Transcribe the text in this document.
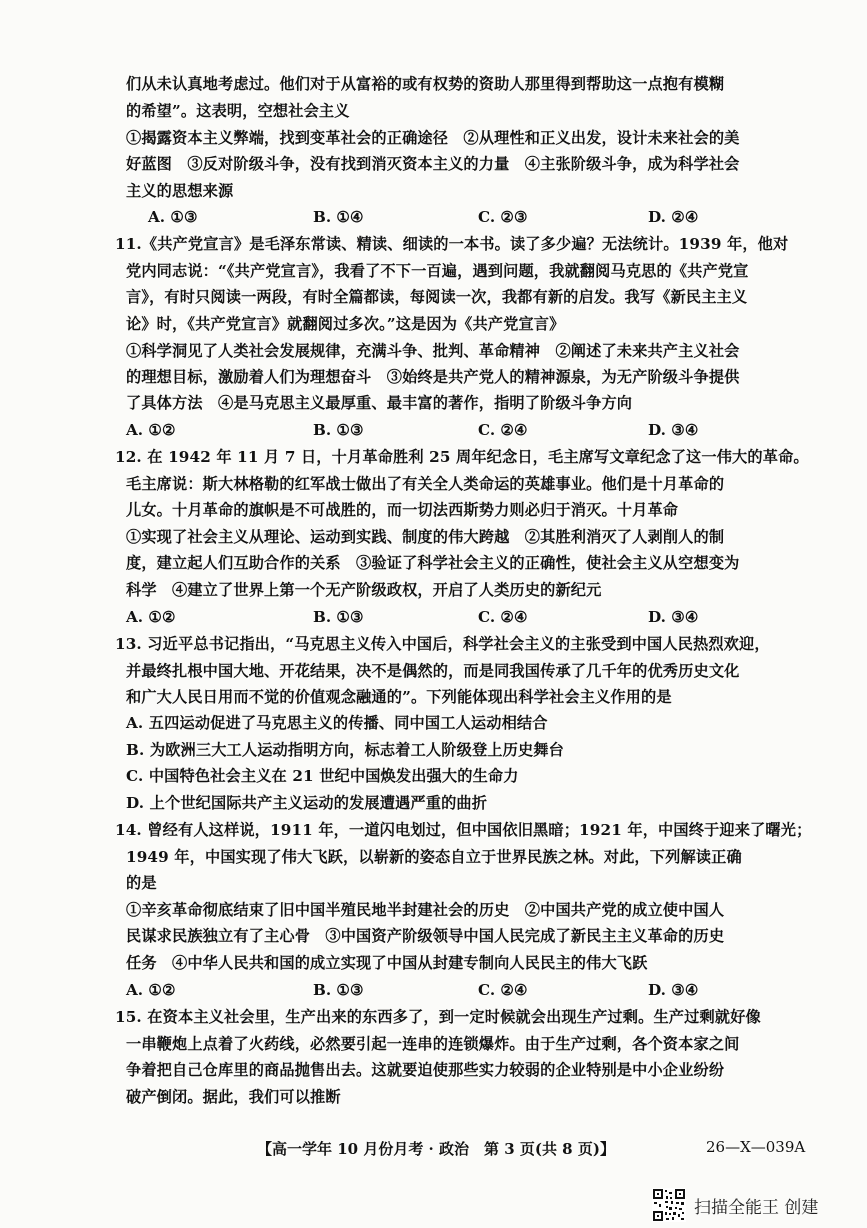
们从未认真地考虑过。他们对于从富裕的或有权势的资助人那里得到帮助这一点抱有模糊
的希望”。这表明，空想社会主义
①揭露资本主义弊端，找到变革社会的正确途径　②从理性和正义出发，设计未来社会的美
好蓝图　③反对阶级斗争，没有找到消灭资本主义的力量　④主张阶级斗争，成为科学社会
主义的思想来源
A. ①③	B. ①④	C. ②③	D. ②④
11.《共产党宣言》是毛泽东常读、精读、细读的一本书。读了多少遍？无法统计。1939 年，他对
党内同志说：“《共产党宣言》，我看了不下一百遍，遇到问题，我就翻阅马克思的《共产党宣
言》，有时只阅读一两段，有时全篇都读，每阅读一次，我都有新的启发。我写《新民主主义
论》时，《共产党宣言》就翻阅过多次。”这是因为《共产党宣言》
①科学洞见了人类社会发展规律，充满斗争、批判、革命精神　②阐述了未来共产主义社会
的理想目标，激励着人们为理想奋斗　③始终是共产党人的精神源泉，为无产阶级斗争提供
了具体方法　④是马克思主义最厚重、最丰富的著作，指明了阶级斗争方向
A. ①②	B. ①③	C. ②④	D. ③④
12. 在 1942 年 11 月 7 日，十月革命胜利 25 周年纪念日，毛主席写文章纪念了这一伟大的革命。
毛主席说：斯大林格勒的红军战士做出了有关全人类命运的英雄事业。他们是十月革命的
儿女。十月革命的旗帜是不可战胜的，而一切法西斯势力则必归于消灭。十月革命
①实现了社会主义从理论、运动到实践、制度的伟大跨越　②其胜利消灭了人剥削人的制
度，建立起人们互助合作的关系　③验证了科学社会主义的正确性，使社会主义从空想变为
科学　④建立了世界上第一个无产阶级政权，开启了人类历史的新纪元
A. ①②	B. ①③	C. ②④	D. ③④
13. 习近平总书记指出，“马克思主义传入中国后，科学社会主义的主张受到中国人民热烈欢迎，
并最终扎根中国大地、开花结果，决不是偶然的，而是同我国传承了几千年的优秀历史文化
和广大人民日用而不觉的价值观念融通的”。下列能体现出科学社会主义作用的是
A. 五四运动促进了马克思主义的传播、同中国工人运动相结合
B. 为欧洲三大工人运动指明方向，标志着工人阶级登上历史舞台
C. 中国特色社会主义在 21 世纪中国焕发出强大的生命力
D. 上个世纪国际共产主义运动的发展遭遇严重的曲折
14. 曾经有人这样说，1911 年，一道闪电划过，但中国依旧黑暗；1921 年，中国终于迎来了曙光；
1949 年，中国实现了伟大飞跃，以崭新的姿态自立于世界民族之林。对此，下列解读正确
的是
①辛亥革命彻底结束了旧中国半殖民地半封建社会的历史　②中国共产党的成立使中国人
民谋求民族独立有了主心骨　③中国资产阶级领导中国人民完成了新民主主义革命的历史
任务　④中华人民共和国的成立实现了中国从封建专制向人民民主的伟大飞跃
A. ①②	B. ①③	C. ②④	D. ③④
15. 在资本主义社会里，生产出来的东西多了，到一定时候就会出现生产过剩。生产过剩就好像
一串鞭炮上点着了火药线，必然要引起一连串的连锁爆炸。由于生产过剩，各个资本家之间
争着把自己仓库里的商品抛售出去。这就要迫使那些实力较弱的企业特别是中小企业纷纷
破产倒闭。据此，我们可以推断
【高一学年 10 月份月考 · 政治　第 3 页(共 8 页)】	26—X—039A
扫描全能王 创建
